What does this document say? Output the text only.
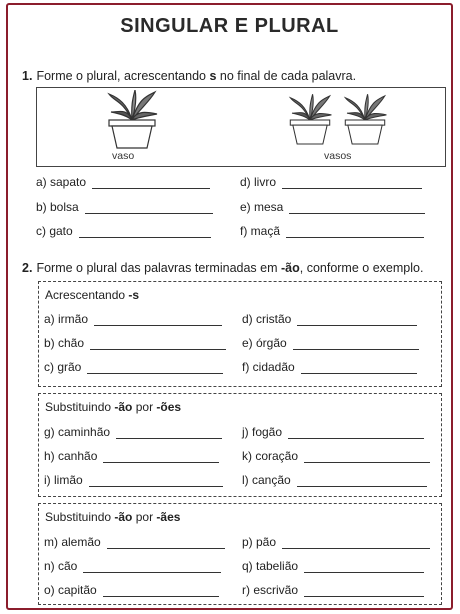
SINGULAR E PLURAL
1. Forme o plural, acrescentando s no final de cada palavra.
vaso	vasos
a) sapato	d) livro
b) bolsa	e) mesa
c) gato	f) maçã
2. Forme o plural das palavras terminadas em -ão, conforme o exemplo.
Acrescentando -s
a) irmão	d) cristão
b) chão	e) órgão
c) grão	f) cidadão
Substituindo -ão por -ões
g) caminhão	j) fogão
h) canhão	k) coração
i) limão	l) canção
Substituindo -ão por -ães
m) alemão	p) pão
n) cão	q) tabelião
o) capitão	r) escrivão
